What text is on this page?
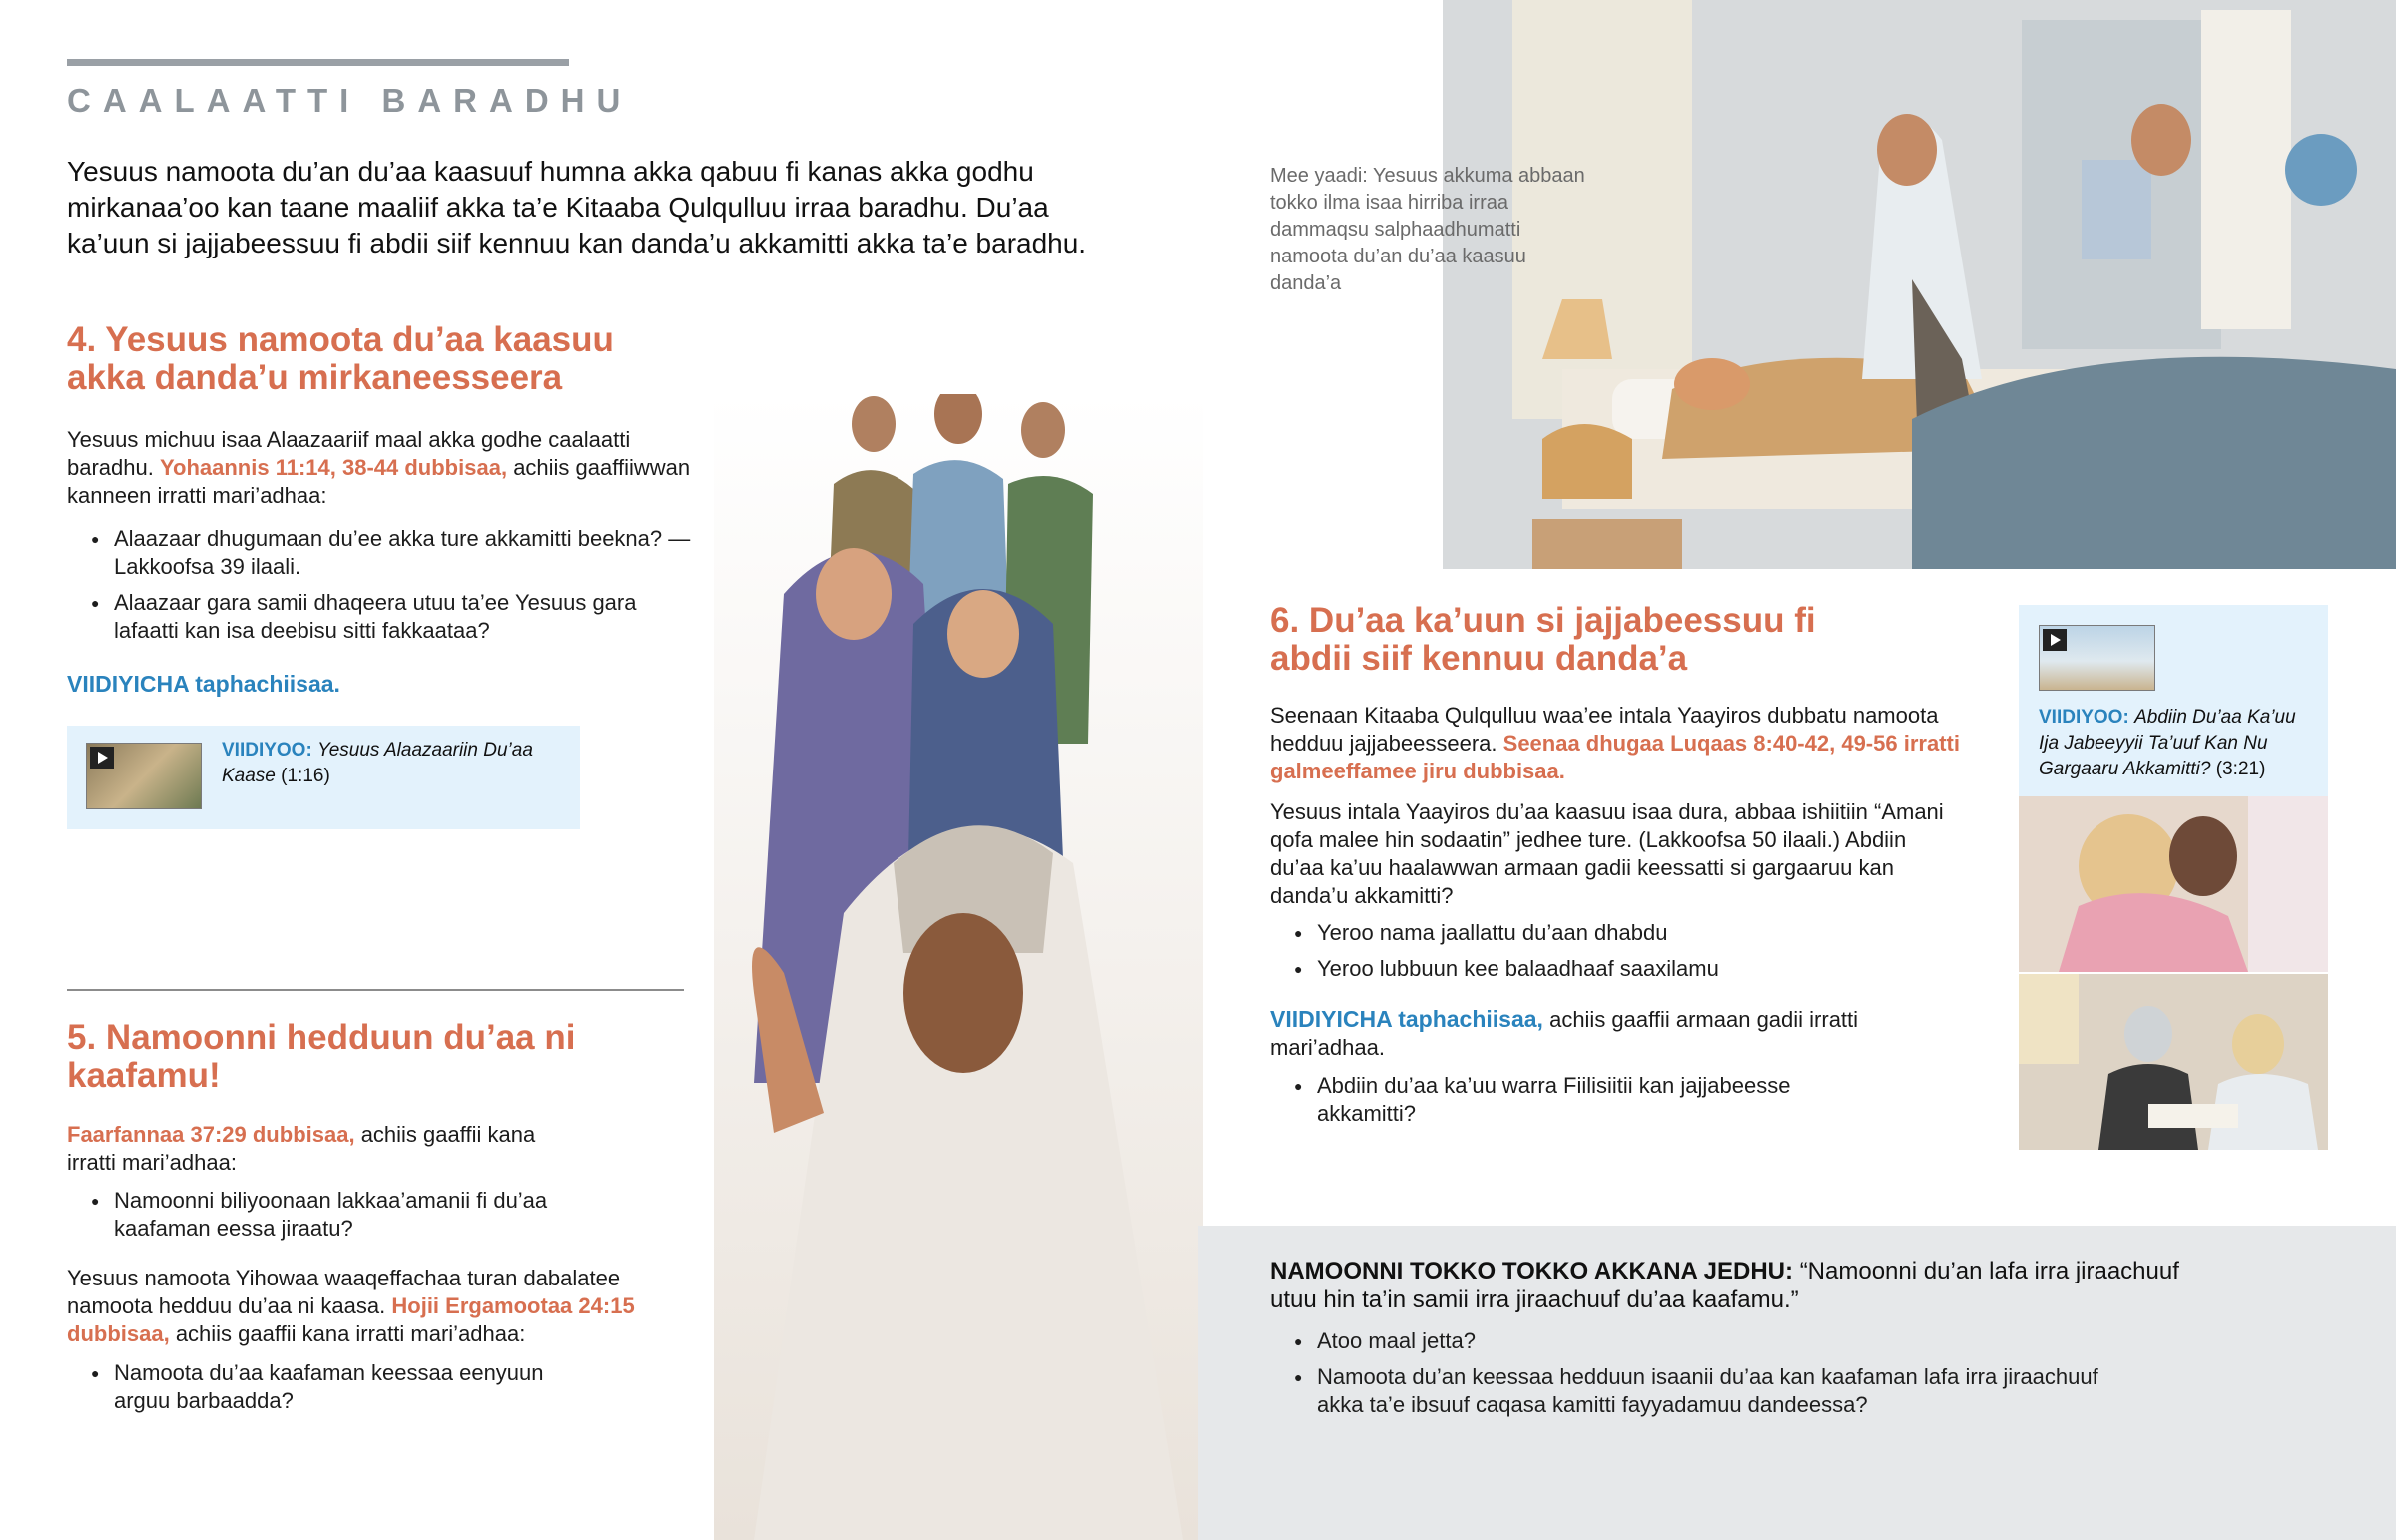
CAALAATTI BARADHU
Yesuus namoota du’an du’aa kaasuuf humna akka qabuu fi kanas akka godhu mirkanaa’oo kan taane maaliif akka ta’e Kitaaba Qulqulluu irraa baradhu. Du’aa ka’uun si jajjabeessuu fi abdii siif kennuu kan danda’u akkamitti akka ta’e baradhu.
4. Yesuus namoota du’aa kaasuu akka danda’u mirkaneesseera
Yesuus michuu isaa Alaazaariif maal akka godhe caalaatti baradhu. Yohaannis 11:14, 38-44 dubbisaa, achiis gaaffiiwwan kanneen irratti mari’adhaa:
● Alaazaar dhugumaan du’ee akka ture akkamitti beekna? —Lakkoofsa 39 ilaali.
● Alaazaar gara samii dhaqeera utuu ta’ee Yesuus gara lafaatti kan isa deebisu sitti fakkaataa?
VIIDIYICHA taphachiisaa.
VIIDIYOO: Yesuus Alaazaariin Du’aa Kaase (1:16)
5. Namoonni hedduun du’aa ni kaafamu!
Faarfannaa 37:29 dubbisaa, achiis gaaffii kana irratti mari’adhaa:
● Namoonni biliyoonaan lakkaa’amanii fi du’aa kaafaman eessa jiraatu?
Yesuus namoota Yihowaa waaqeffachaa turan dabalatee namoota hedduu du’aa ni kaasa. Hojii Ergamootaa 24:15 dubbisaa, achiis gaaffii kana irratti mari’adhaa:
● Namoota du’aa kaafaman keessaa eenyuun arguu barbaadda?
Mee yaadi: Yesuus akkuma abbaan tokko ilma isaa hirriba irraa dammaqsu salphaadhumatti namoota du’an du’aa kaasuu danda’a
6. Du’aa ka’uun si jajjabeessuu fi abdii siif kennuu danda’a
Seenaan Kitaaba Qulqulluu waa’ee intala Yaayiros dubbatu namoota hedduu jajjabeesseera. Seenaa dhugaa Luqaas 8:40-42, 49-56 irratti galmeeffamee jiru dubbisaa.
Yesuus intala Yaayiros du’aa kaasuu isaa dura, abbaa ishiitiin “Amani qofa malee hin sodaatin” jedhee ture. (Lakkoofsa 50 ilaali.) Abdiin du’aa ka’uu haalawwan armaan gadii keessatti si gargaaruu kan danda’u akkamitti?
● Yeroo nama jaallattu du’aan dhabdu
● Yeroo lubbuun kee balaadhaaf saaxilamu
VIIDIYICHA taphachiisaa, achiis gaaffii armaan gadii irratti mari’adhaa.
● Abdiin du’aa ka’uu warra Fiilisiitii kan jajjabeesse akkamitti?
VIIDIYOO: Abdiin Du’aa Ka’uu Ija Jabeeyyii Ta’uuf Kan Nu Gargaaru Akkamitti? (3:21)
NAMOONNI TOKKO TOKKO AKKANA JEDHU: “Namoonni du’an lafa irra jiraachuuf utuu hin ta’in samii irra jiraachuuf du’aa kaafamu.”
● Atoo maal jetta?
● Namoota du’an keessaa hedduun isaanii du’aa kan kaafaman lafa irra jiraachuuf akka ta’e ibsuuf caqasa kamitti fayyadamuu dandeessa?
